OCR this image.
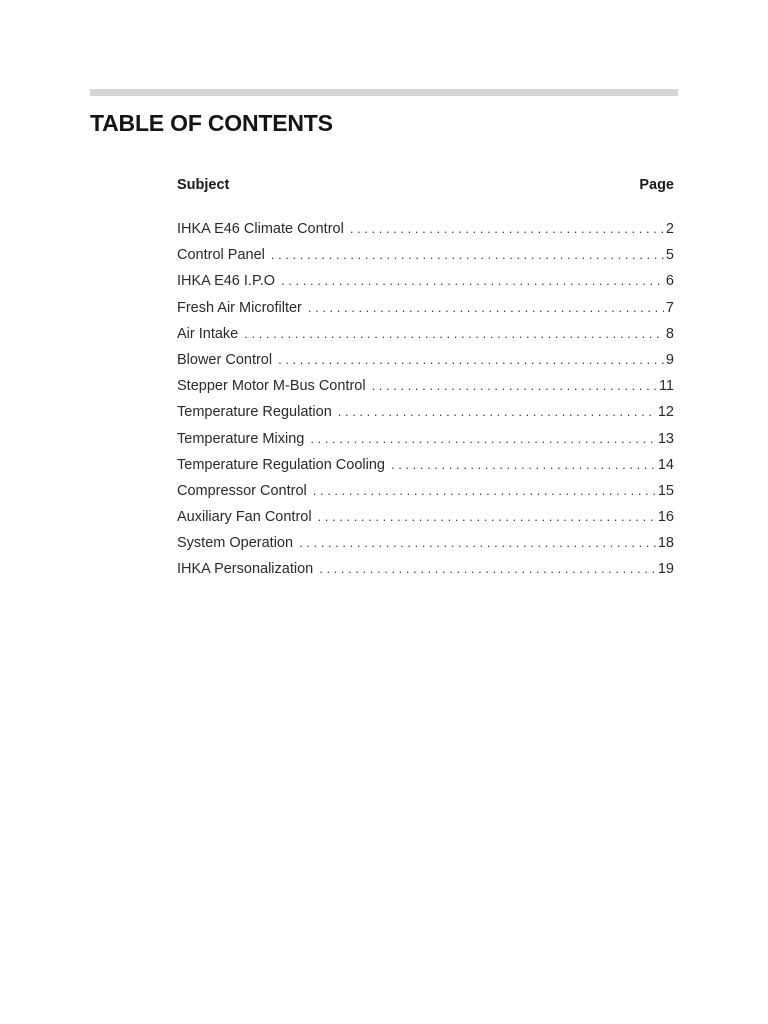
TABLE OF CONTENTS
Subject	Page
IHKA E46 Climate Control . . .	2
Control Panel . . .	5
IHKA E46 I.P.O . . .	6
Fresh Air Microfilter . . .	7
Air Intake . . .	8
Blower Control . . .	9
Stepper Motor M-Bus Control . . .	11
Temperature Regulation . . .	12
Temperature Mixing . . .	13
Temperature Regulation Cooling . . .	14
Compressor Control . . .	15
Auxiliary Fan Control . . .	16
System Operation . . .	18
IHKA Personalization . . .	19
